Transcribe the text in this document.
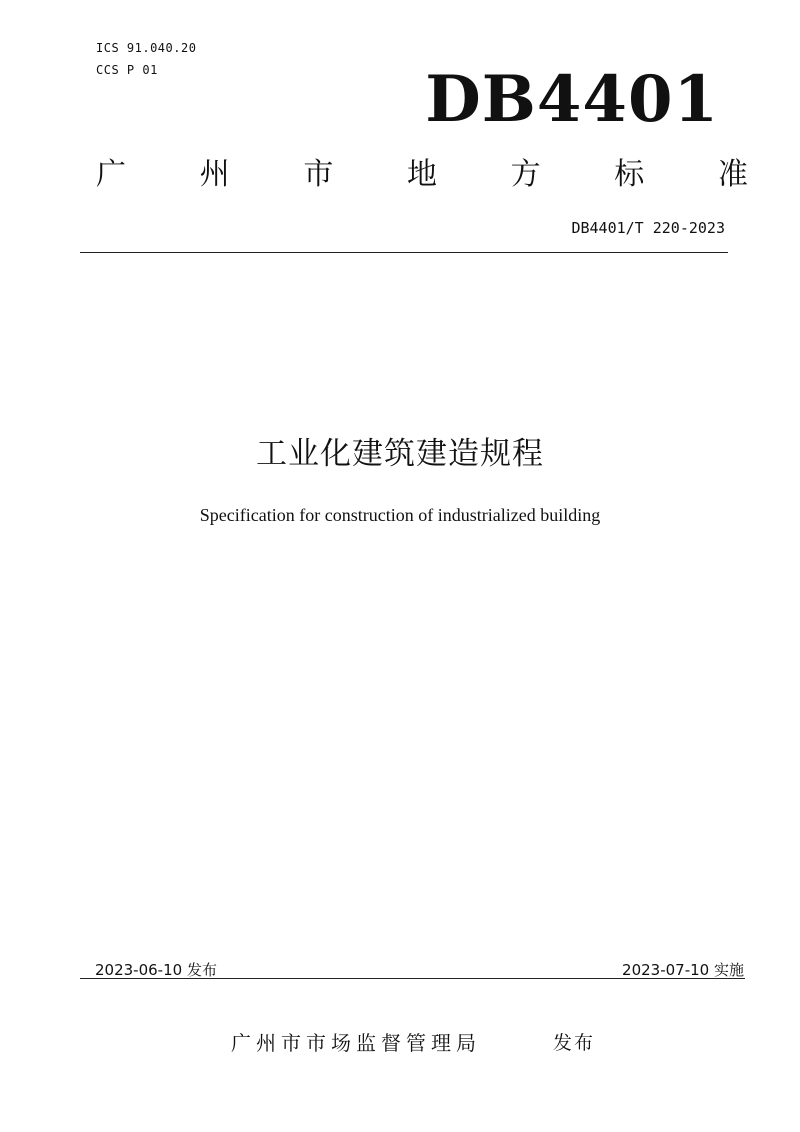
ICS 91.040.20
CCS P 01	DB4401
广 州 市 地 方 标 准
DB4401/T 220-2023
工业化建筑建造规程
Specification for construction of industrialized building
2023-06-10 发布	2023-07-10 实施
广州市市场监督管理局	发布
